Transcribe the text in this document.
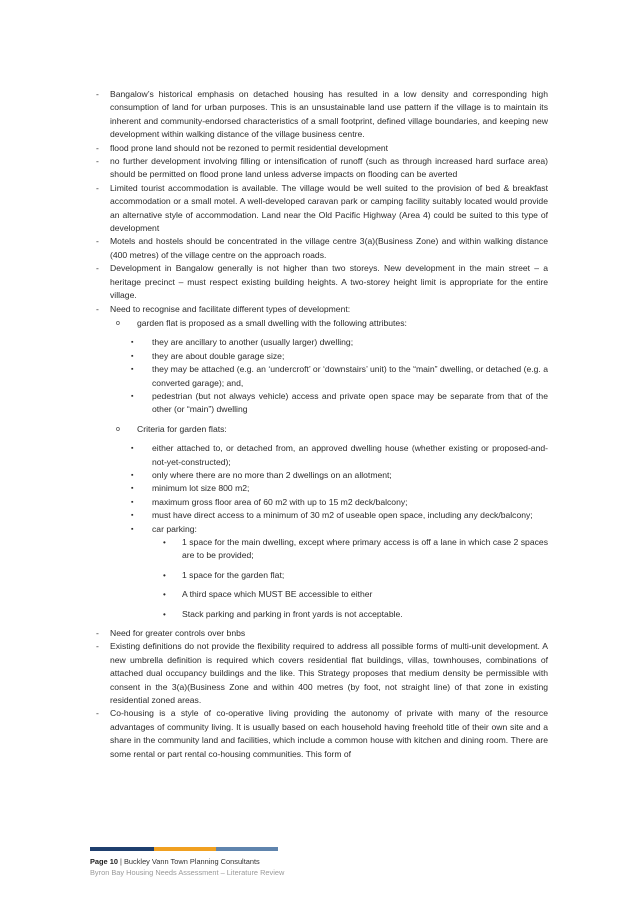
- Bangalow’s historical emphasis on detached housing has resulted in a low density and corresponding high consumption of land for urban purposes. This is an unsustainable land use pattern if the village is to maintain its inherent and community-endorsed characteristics of a small footprint, defined village boundaries, and keeping new development within walking distance of the village business centre.
- flood prone land should not be rezoned to permit residential development
- no further development involving filling or intensification of runoff (such as through increased hard surface area) should be permitted on flood prone land unless adverse impacts on flooding can be averted
- Limited tourist accommodation is available. The village would be well suited to the provision of bed & breakfast accommodation or a small motel. A well-developed caravan park or camping facility suitably located would provide an alternative style of accommodation. Land near the Old Pacific Highway (Area 4) could be suited to this type of development
- Motels and hostels should be concentrated in the village centre 3(a)(Business Zone) and within walking distance (400 metres) of the village centre on the approach roads.
- Development in Bangalow generally is not higher than two storeys. New development in the main street – a heritage precinct – must respect existing building heights. A two-storey height limit is appropriate for the entire village.
- Need to recognise and facilitate different types of development:
o garden flat is proposed as a small dwelling with the following attributes:
▪ they are ancillary to another (usually larger) dwelling;
▪ they are about double garage size;
▪ they may be attached (e.g. an ‘undercroft’ or ‘downstairs’ unit) to the “main” dwelling, or detached (e.g. a converted garage); and,
▪ pedestrian (but not always vehicle) access and private open space may be separate from that of the other (or “main”) dwelling
o Criteria for garden flats:
▪ either attached to, or detached from, an approved dwelling house (whether existing or proposed-and-not-yet-constructed);
▪ only where there are no more than 2 dwellings on an allotment;
▪ minimum lot size 800 m2;
▪ maximum gross floor area of 60 m2 with up to 15 m2 deck/balcony;
▪ must have direct access to a minimum of 30 m2 of useable open space, including any deck/balcony;
▪ car parking:
• 1 space for the main dwelling, except where primary access is off a lane in which case 2 spaces are to be provided;
• 1 space for the garden flat;
• A third space which MUST BE accessible to either
• Stack parking and parking in front yards is not acceptable.
- Need for greater controls over bnbs
- Existing definitions do not provide the flexibility required to address all possible forms of multi-unit development. A new umbrella definition is required which covers residential flat buildings, villas, townhouses, combinations of attached dual occupancy buildings and the like. This Strategy proposes that medium density be permissible with consent in the 3(a)(Business Zone and within 400 metres (by foot, not straight line) of that zone in existing residential zoned areas.
- Co-housing is a style of co-operative living providing the autonomy of private with many of the resource advantages of community living. It is usually based on each household having freehold title of their own site and a share in the community land and facilities, which include a common house with kitchen and dining room. There are some rental or part rental co-housing communities. This form of
Page 10 | Buckley Vann Town Planning Consultants
Byron Bay Housing Needs Assessment – Literature Review
